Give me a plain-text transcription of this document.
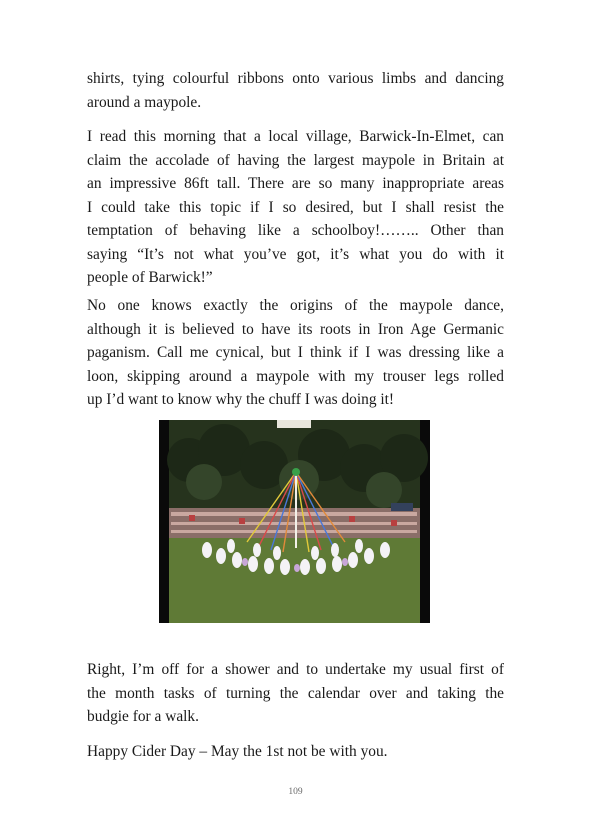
shirts, tying colourful ribbons onto various limbs and dancing
around a maypole.

I read this morning that a local village, Barwick-In-Elmet, can
claim the accolade of having the largest maypole in Britain at
an impressive 86ft tall. There are so many inappropriate areas
I could take this topic if I so desired, but I shall resist the
temptation of behaving like a schoolboy!…….. Other than
saying “It’s not what you’ve got, it’s what you do with it
people of Barwick!”

No one knows exactly the origins of the maypole dance,
although it is believed to have its roots in Iron Age Germanic
paganism. Call me cynical, but I think if I was dressing like a
loon, skipping around a maypole with my trouser legs rolled
up I’d want to know why the chuff I was doing it!

Right, I’m off for a shower and to undertake my usual first of
the month tasks of turning the calendar over and taking the
budgie for a walk.

Happy Cider Day – May the 1st not be with you.

109
